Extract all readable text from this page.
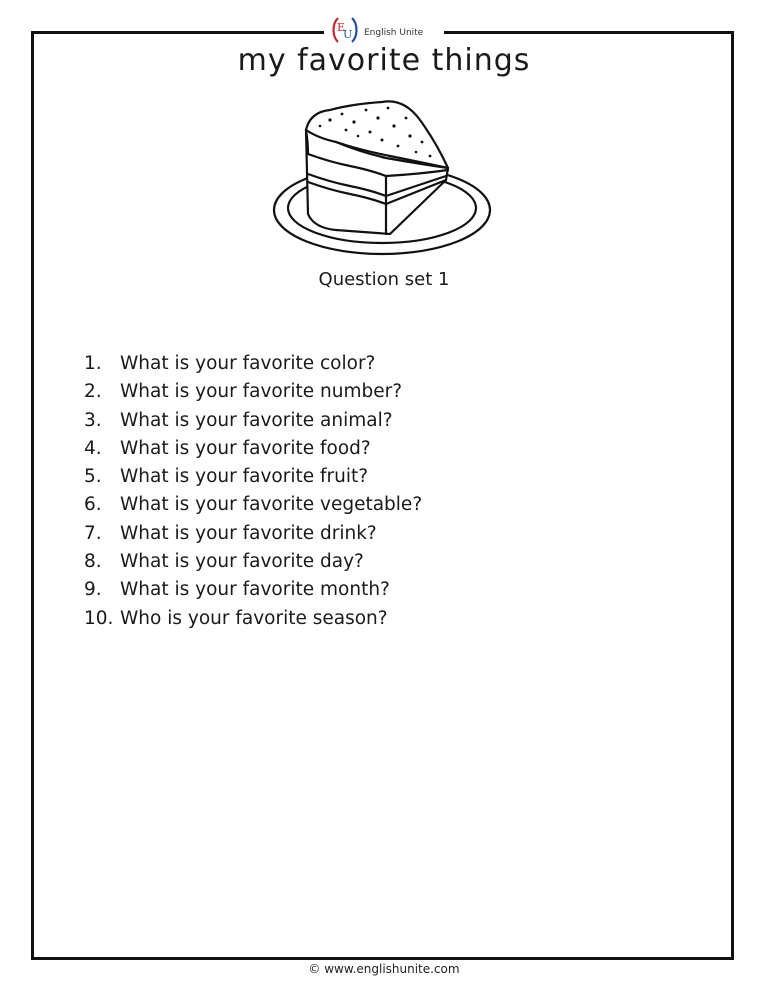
E
U English Unite
my favorite things

Question set 1

1. What is your favorite color?
2. What is your favorite number?
3. What is your favorite animal?
4. What is your favorite food?
5. What is your favorite fruit?
6. What is your favorite vegetable?
7. What is your favorite drink?
8. What is your favorite day?
9. What is your favorite month?
10. Who is your favorite season?
© www.englishunite.com
